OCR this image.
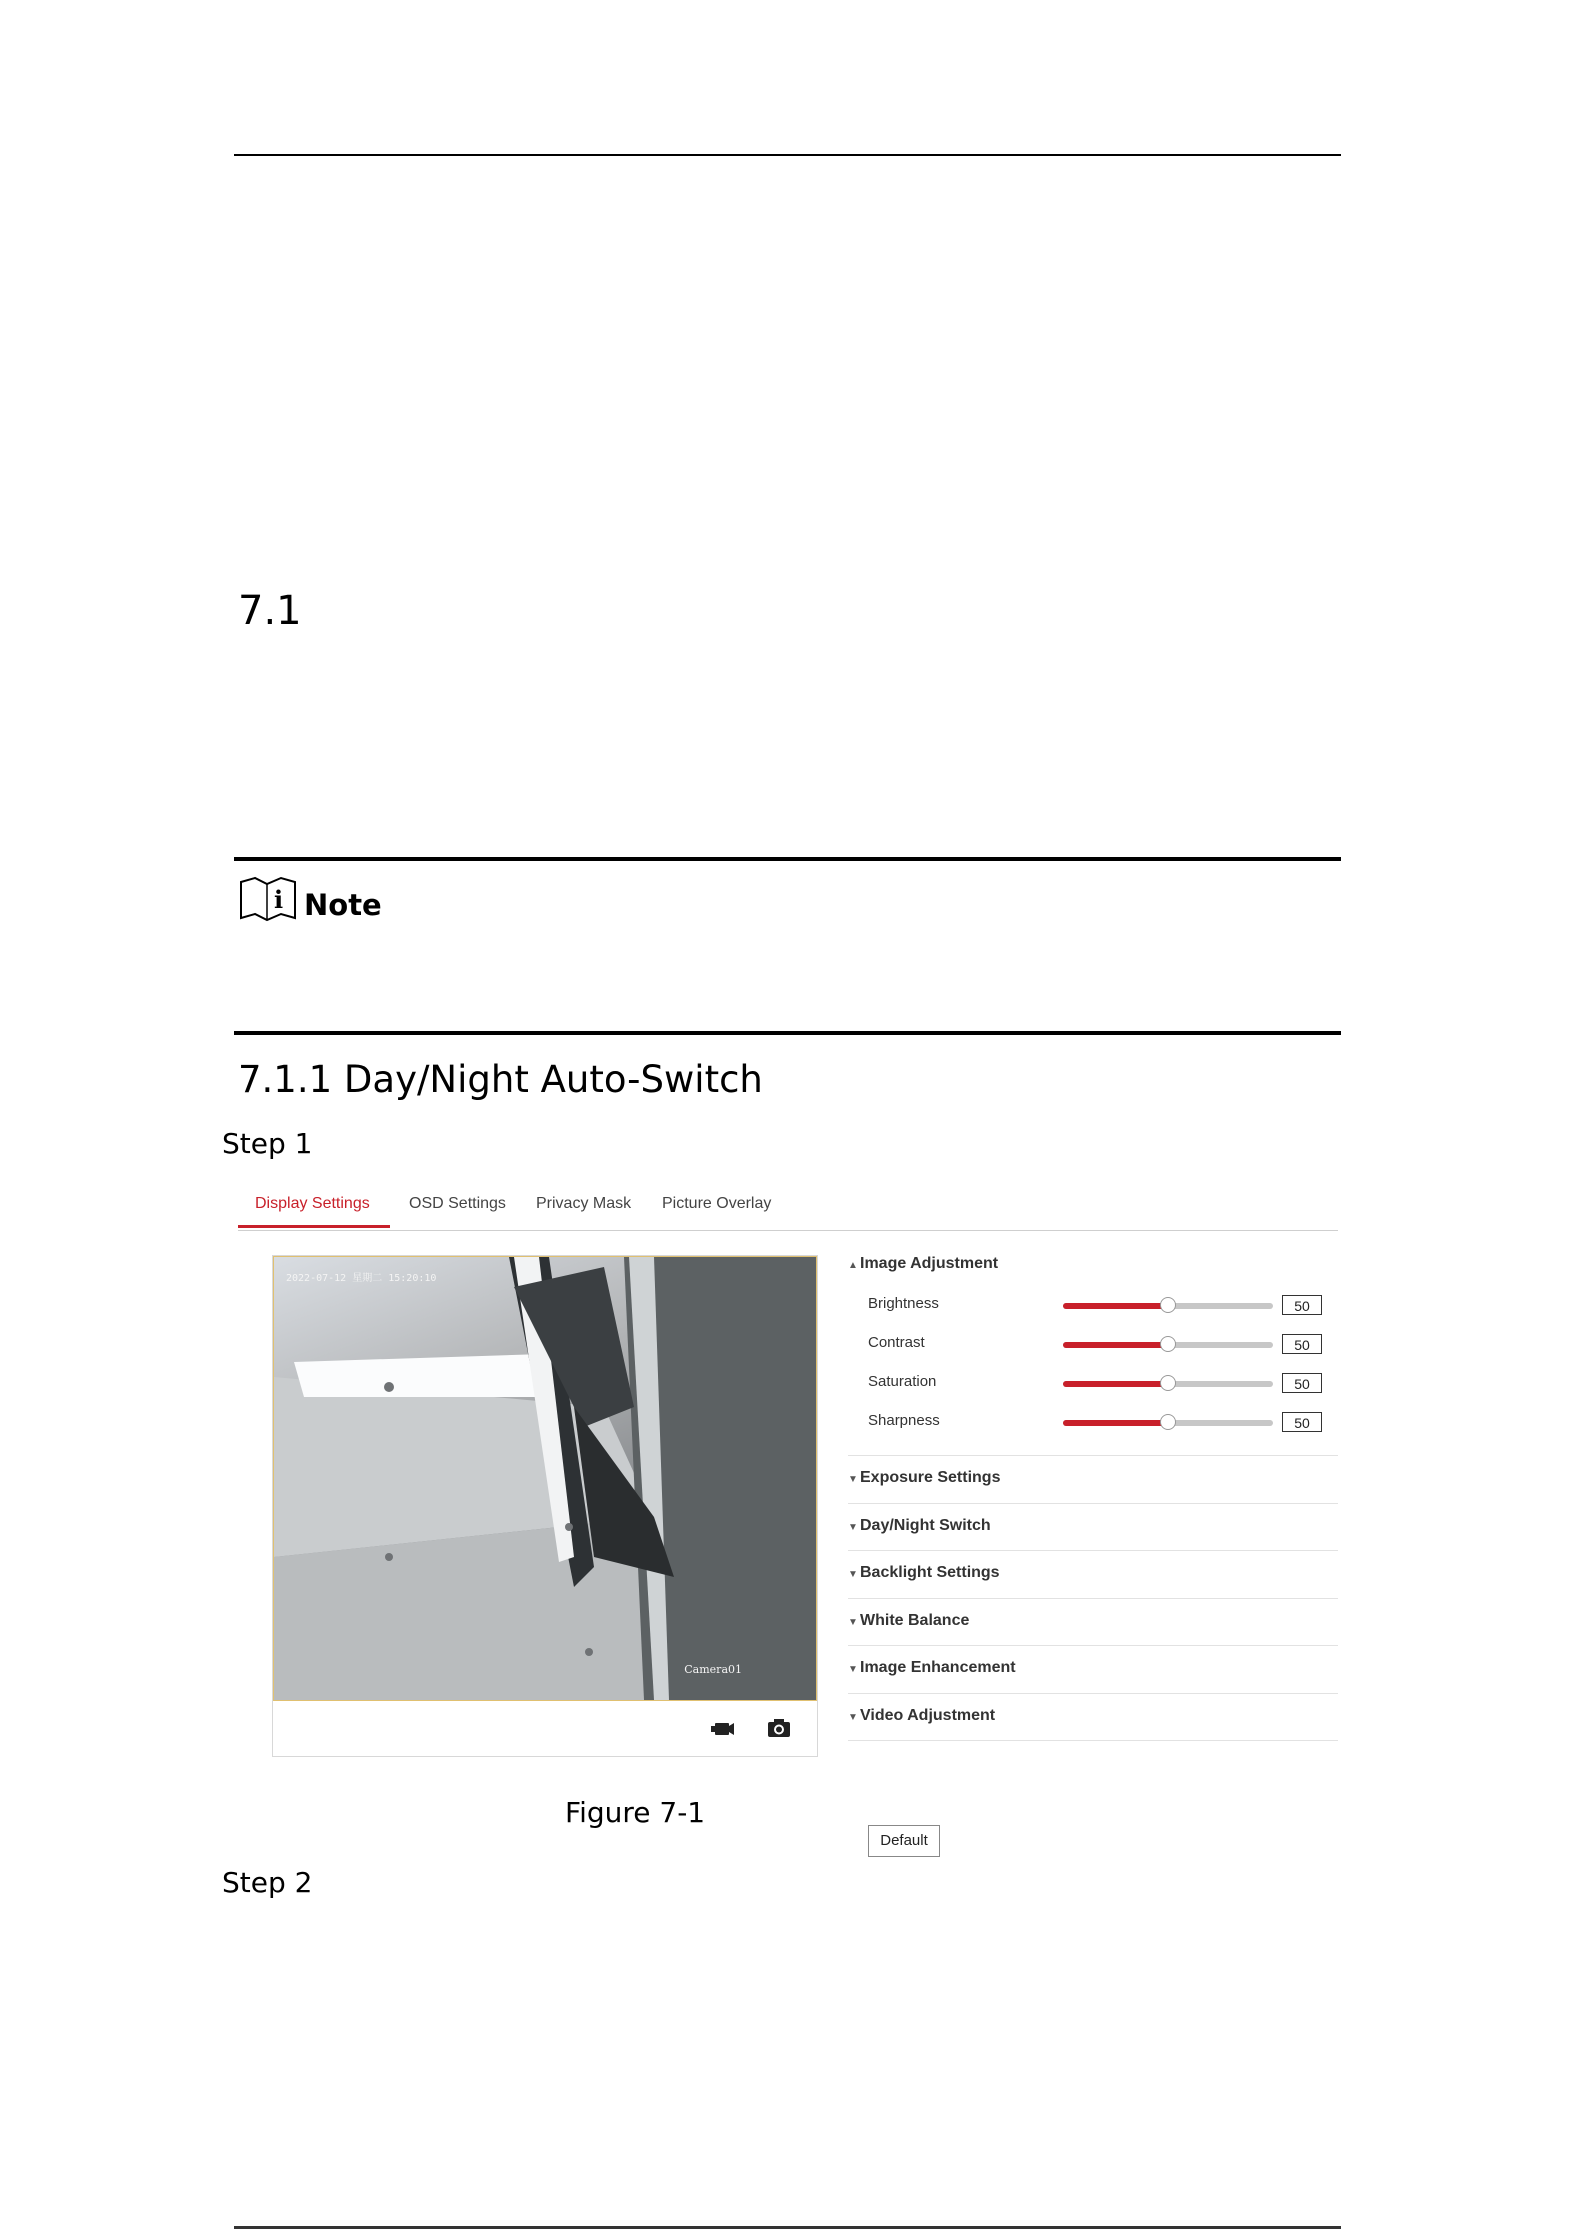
7.1
i Note
7.1.1 Day/Night Auto-Switch
Step 1
Display Settings OSD Settings Privacy Mask Picture Overlay
2022-07-12 星期二 15:20:10
Camera01
▲ Image Adjustment
Brightness	50
Contrast	50
Saturation	50
Sharpness	50
▼ Exposure Settings
▼ Day/Night Switch
▼ Backlight Settings
▼ White Balance
▼ Image Enhancement
▼ Video Adjustment
Default
Figure 7-1
Step 2
